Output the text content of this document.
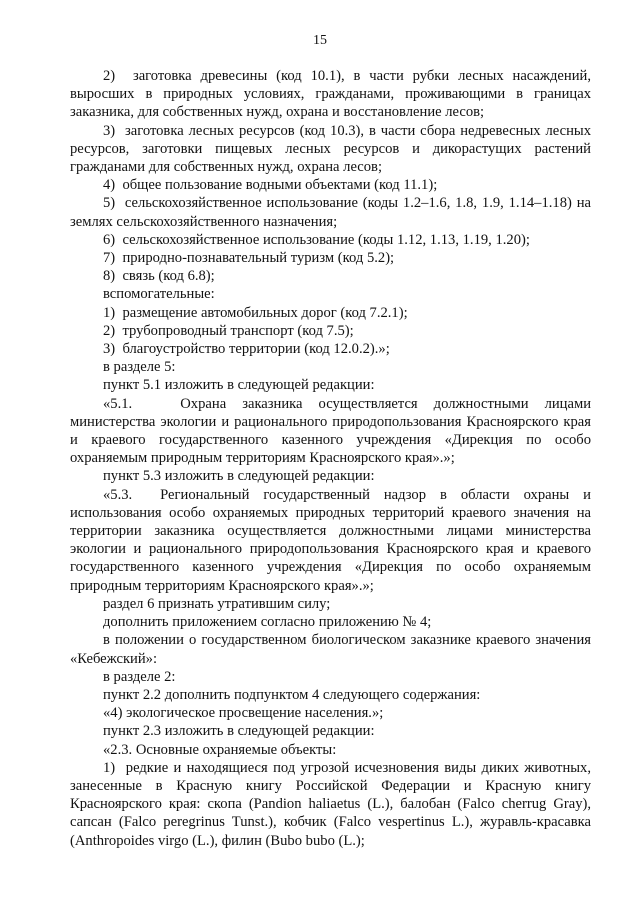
15

2)  заготовка древесины (код 10.1), в части рубки лесных насаждений, выросших в природных условиях, гражданами, проживающими в границах заказника, для собственных нужд, охрана и восстановление лесов;

3)  заготовка лесных ресурсов (код 10.3), в части сбора недревесных лесных ресурсов, заготовки пищевых лесных ресурсов и дикорастущих растений гражданами для собственных нужд, охрана лесов;

4)  общее пользование водными объектами (код 11.1);

5)  сельскохозяйственное использование (коды 1.2–1.6, 1.8, 1.9, 1.14–1.18) на землях сельскохозяйственного назначения;

6)  сельскохозяйственное использование (коды 1.12, 1.13, 1.19, 1.20);

7)  природно-познавательный туризм (код 5.2);

8)  связь (код 6.8);

вспомогательные:

1)  размещение автомобильных дорог (код 7.2.1);

2)  трубопроводный транспорт (код 7.5);

3)  благоустройство территории (код 12.0.2).»;

в разделе 5:

пункт 5.1 изложить в следующей редакции:

«5.1.   Охрана заказника осуществляется должностными лицами министерства экологии и рационального природопользования Красноярского края и краевого государственного казенного учреждения «Дирекция по особо охраняемым природным территориям Красноярского края».»;

пункт 5.3 изложить в следующей редакции:

«5.3.  Региональный государственный надзор в области охраны и использования особо охраняемых природных территорий краевого значения на территории заказника осуществляется должностными лицами министерства экологии и рационального природопользования Красноярского края и краевого государственного казенного учреждения «Дирекция по особо охраняемым природным территориям Красноярского края».»;

раздел 6 признать утратившим силу;

дополнить приложением согласно приложению № 4;

в положении о государственном биологическом заказнике краевого значения «Кебежский»:

в разделе 2:

пункт 2.2 дополнить подпунктом 4 следующего содержания:

«4) экологическое просвещение населения.»;

пункт 2.3 изложить в следующей редакции:

«2.3. Основные охраняемые объекты:

1)  редкие и находящиеся под угрозой исчезновения виды диких животных, занесенные в Красную книгу Российской Федерации и Красную книгу Красноярского края: скопа (Pandion haliaetus (L.), балобан (Falco cherrug Gray), сапсан (Falco peregrinus Tunst.), кобчик (Falco vespertinus L.), журавль-красавка (Anthropoides virgo (L.), филин (Bubo bubo (L.);
